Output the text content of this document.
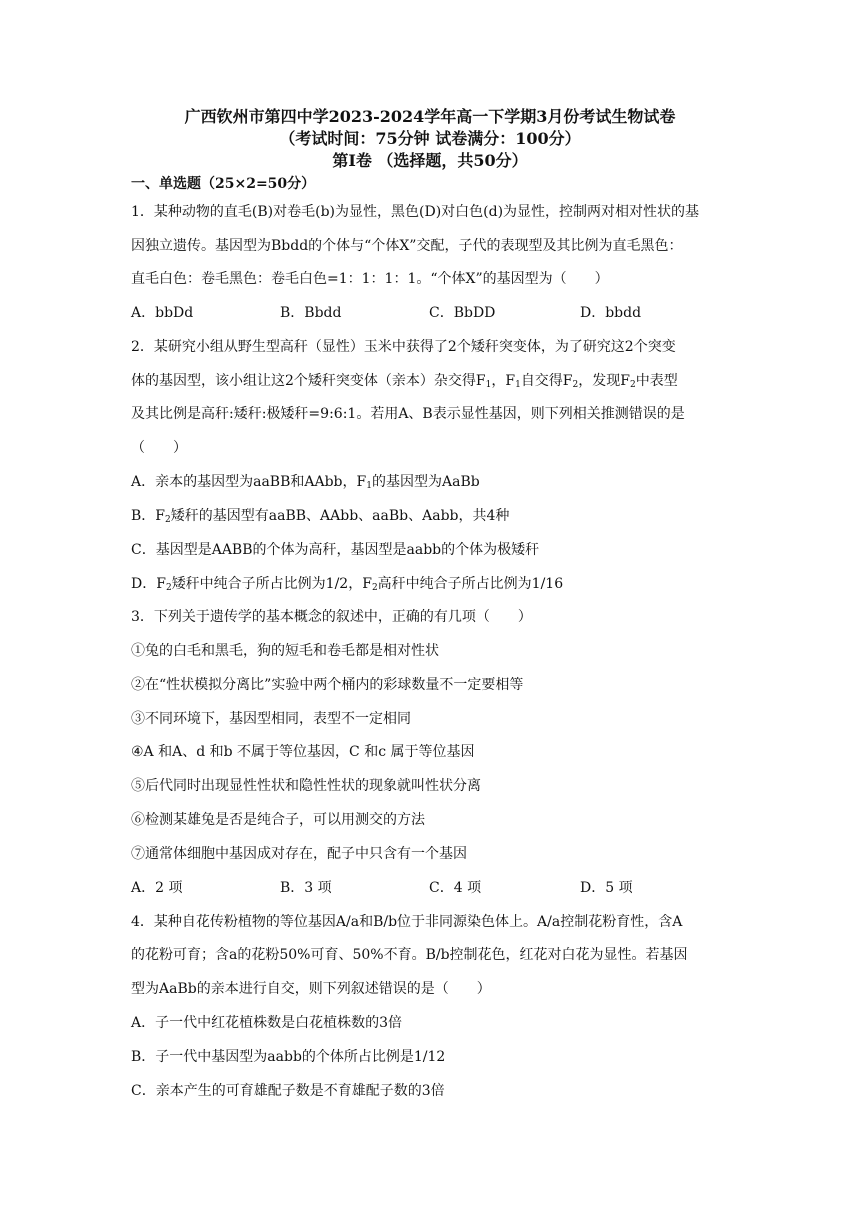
广西钦州市第四中学2023-2024学年高一下学期3月份考试生物试卷
（考试时间：75分钟 试卷满分：100分）
第I卷 （选择题，共50分）
一、单选题（25×2=50分）
1．某种动物的直毛(B)对卷毛(b)为显性，黑色(D)对白色(d)为显性，控制两对相对性状的基
因独立遗传。基因型为Bbdd的个体与“个体X”交配，子代的表现型及其比例为直毛黑色：
直毛白色：卷毛黑色：卷毛白色=1：1：1：1。“个体X”的基因型为（　　）
A．bbDd	B．Bbdd	C．BbDD	D．bbdd
2．某研究小组从野生型高秆（显性）玉米中获得了2个矮秆突变体，为了研究这2个突变
体的基因型，该小组让这2个矮秆突变体（亲本）杂交得$F_1$，$F_1$自交得$F_2$，发现$F_2$中表型
及其比例是高秆:矮秆:极矮秆=9:6:1。若用A、B表示显性基因，则下列相关推测错误的是
（　　）
A．亲本的基因型为aaBB和AAbb，$F_1$的基因型为AaBb
B．$F_2$矮秆的基因型有aaBB、AAbb、aaBb、Aabb，共4种
C．基因型是AABB的个体为高秆，基因型是aabb的个体为极矮秆
D．$F_2$矮秆中纯合子所占比例为1/2，$F_2$高秆中纯合子所占比例为1/16
3．下列关于遗传学的基本概念的叙述中，正确的有几项（　　）
①兔的白毛和黑毛，狗的短毛和卷毛都是相对性状
②在“性状模拟分离比”实验中两个桶内的彩球数量不一定要相等
③不同环境下，基因型相同，表型不一定相同
④A 和A、d 和b 不属于等位基因，C 和c 属于等位基因
⑤后代同时出现显性性状和隐性性状的现象就叫性状分离
⑥检测某雄兔是否是纯合子，可以用测交的方法
⑦通常体细胞中基因成对存在，配子中只含有一个基因
A．2 项	B．3 项	C．4 项	D．5 项
4．某种自花传粉植物的等位基因A/a和B/b位于非同源染色体上。A/a控制花粉育性，含A
的花粉可育；含a的花粉50%可育、50%不育。B/b控制花色，红花对白花为显性。若基因
型为AaBb的亲本进行自交，则下列叙述错误的是（　　）
A．子一代中红花植株数是白花植株数的3倍
B．子一代中基因型为aabb的个体所占比例是1/12
C．亲本产生的可育雄配子数是不育雄配子数的3倍
